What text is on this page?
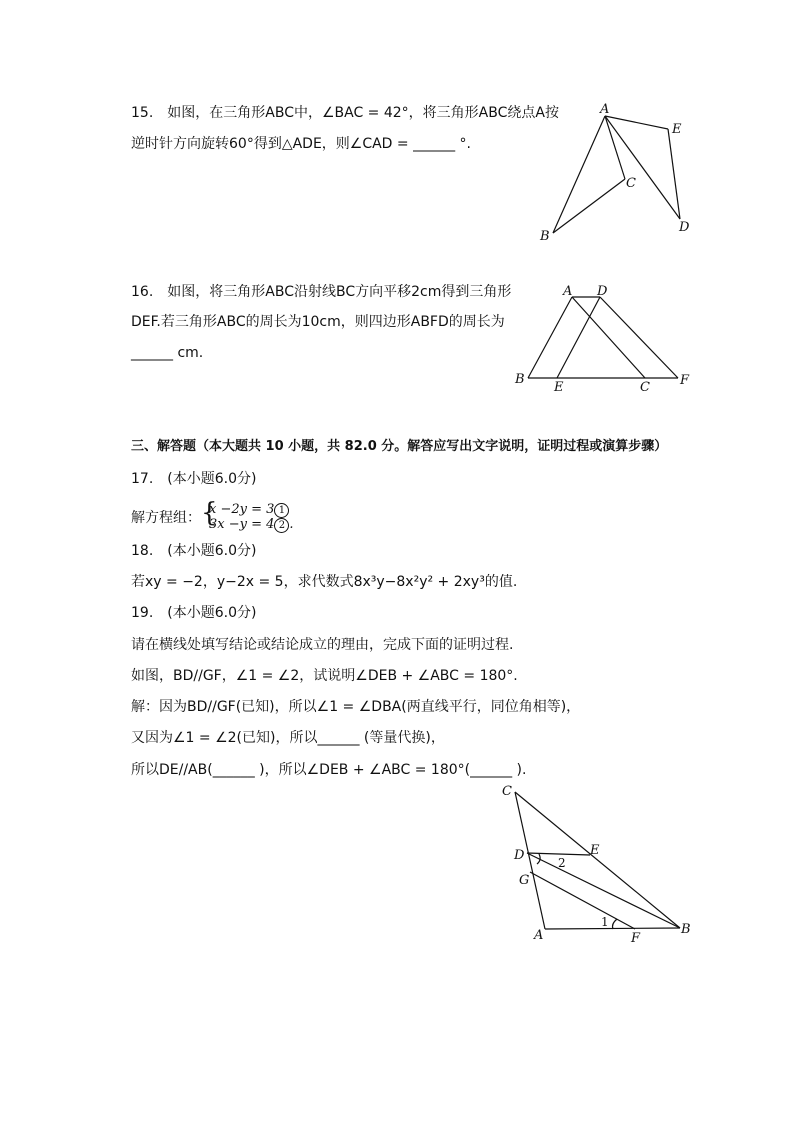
15.　如图，在三角形ABC中，∠BAC = 42°，将三角形ABC绕点A按
逆时针方向旋转60°得到△ADE，则∠CAD = ______ °.
A
B
C
D
E
16.　如图，将三角形ABC沿射线BC方向平移2cm得到三角形
DEF.若三角形ABC的周长为10cm，则四边形ABFD的周长为
______ cm.
A D
B
E	C F
三、解答题（本大题共 10 小题，共 82.0 分。解答应写出文字说明，证明过程或演算步骤）
17.　(本小题6.0分)
解方程组： {
x −2y = 3 1
3x −y = 4 2 .
18.　(本小题6.0分)
若xy = −2，y−2x = 5，求代数式8x³y−8x²y² + 2xy³的值.
19.　(本小题6.0分)
请在横线处填写结论或结论成立的理由，完成下面的证明过程.
如图，BD//GF，∠1 = ∠2，试说明∠DEB + ∠ABC = 180°.
解：因为BD//GF(已知)，所以∠1 = ∠DBA(两直线平行，同位角相等)，
又因为∠1 = ∠2(已知)，所以______ (等量代换)，
所以DE//AB(______ )，所以∠DEB + ∠ABC = 180°(______ ).
C
E
D
G
A	F
B
1
2
